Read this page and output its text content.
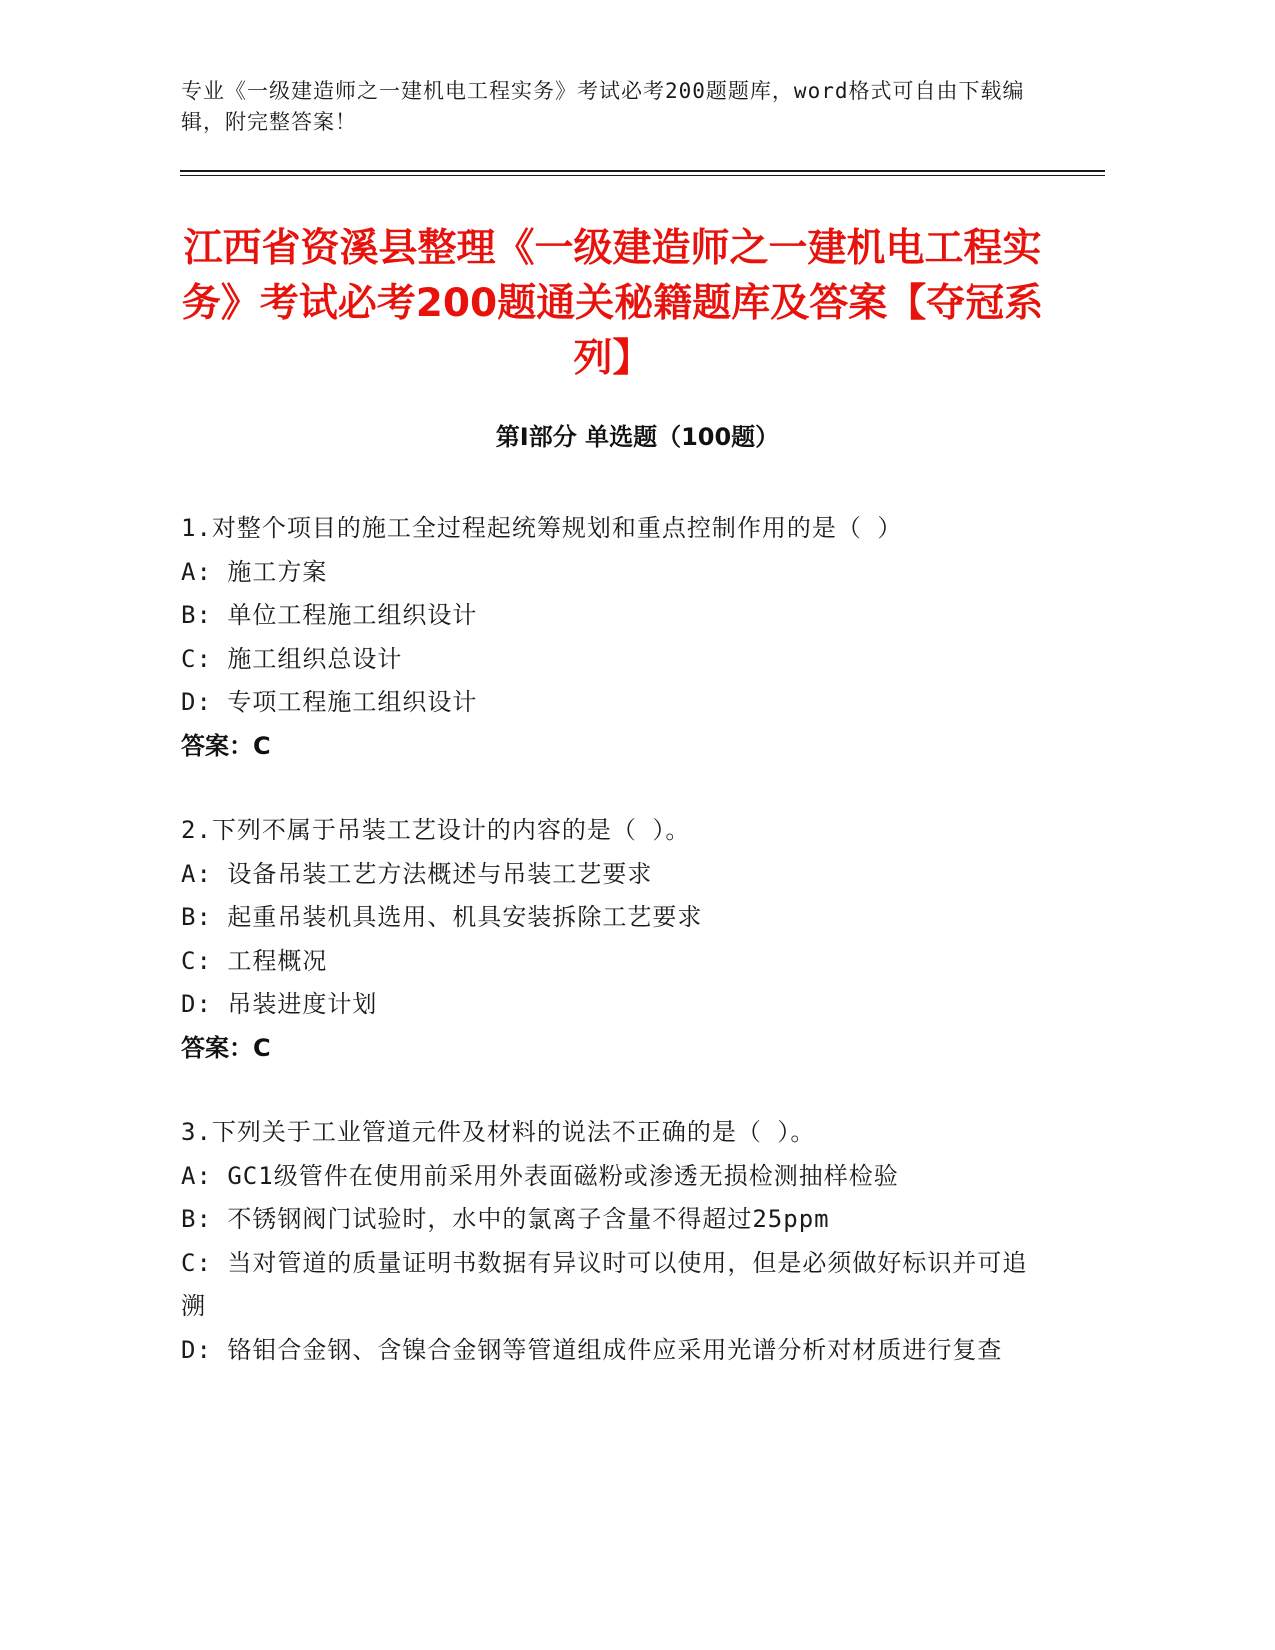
专业《一级建造师之一建机电工程实务》考试必考200题题库，word格式可自由下载编辑，附完整答案！
江西省资溪县整理《一级建造师之一建机电工程实务》考试必考200题通关秘籍题库及答案【夺冠系列】
第I部分 单选题（100题）
1.对整个项目的施工全过程起统筹规划和重点控制作用的是（ ）
A: 施工方案
B: 单位工程施工组织设计
C: 施工组织总设计
D: 专项工程施工组织设计
答案：C
2.下列不属于吊装工艺设计的内容的是（ ）。
A: 设备吊装工艺方法概述与吊装工艺要求
B: 起重吊装机具选用、机具安装拆除工艺要求
C: 工程概况
D: 吊装进度计划
答案：C
3.下列关于工业管道元件及材料的说法不正确的是（ ）。
A: GC1级管件在使用前采用外表面磁粉或渗透无损检测抽样检验
B: 不锈钢阀门试验时，水中的氯离子含量不得超过25ppm
C: 当对管道的质量证明书数据有异议时可以使用，但是必须做好标识并可追溯
D: 铬钼合金钢、含镍合金钢等管道组成件应采用光谱分析对材质进行复查
